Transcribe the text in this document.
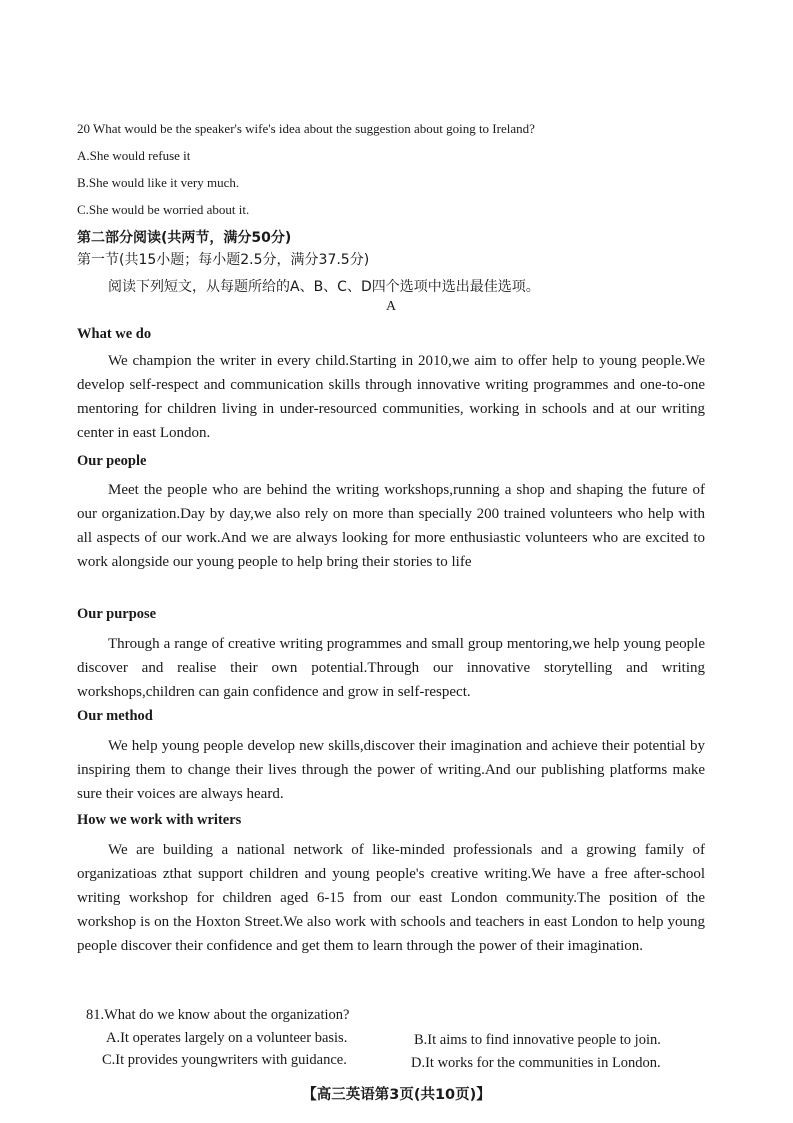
20 What would be the speaker's wife's idea about the suggestion about going to Ireland?

A.She would refuse it

B.She would like it very much.

C.She would be worried about it.

第二部分阅读(共两节，满分50分)

第一节(共15小题；每小题2.5分，满分37.5分)

阅读下列短文，从每题所给的A、B、C、D四个选项中选出最佳选项。

A

What we do

We champion the writer in every child.Starting in 2010,we aim to offer help to young people.We develop self-respect and communication skills through innovative writing programmes and one-to-one mentoring for children living in under-resourced communities, working in schools and at our writing center in east London.

Our people

Meet the people who are behind the writing workshops,running a shop and shaping the future of our organization.Day by day,we also rely on more than specially 200 trained volunteers who help with all aspects of our work.And we are always looking for more enthusiastic volunteers who are excited to work alongside our young people to help bring their stories to life

Our purpose

Through a range of creative writing programmes and small group mentoring,we help young people discover and realise their own potential.Through our innovative storytelling and writing workshops,children can gain confidence and grow in self-respect.

Our method

We help young people develop new skills,discover their imagination and achieve their potential by inspiring them to change their lives through the power of writing.And our publishing platforms make sure their voices are always heard.

How we work with writers

We are building a national network of like-minded professionals and a growing family of organizatioas zthat support children and young people's creative writing.We have a free after-school writing workshop for children aged 6-15 from our east London community.The position of the workshop is on the Hoxton Street.We also work with schools and teachers in east London to help young people discover their confidence and get them to learn through the power of their imagination.

81.What do we know about the organization?

A.It operates largely on a volunteer basis.	B.It aims to find innovative people to join.

C.It provides youngwriters with guidance.	D.It works for the communities in London.

【高三英语第3页(共10页)】
